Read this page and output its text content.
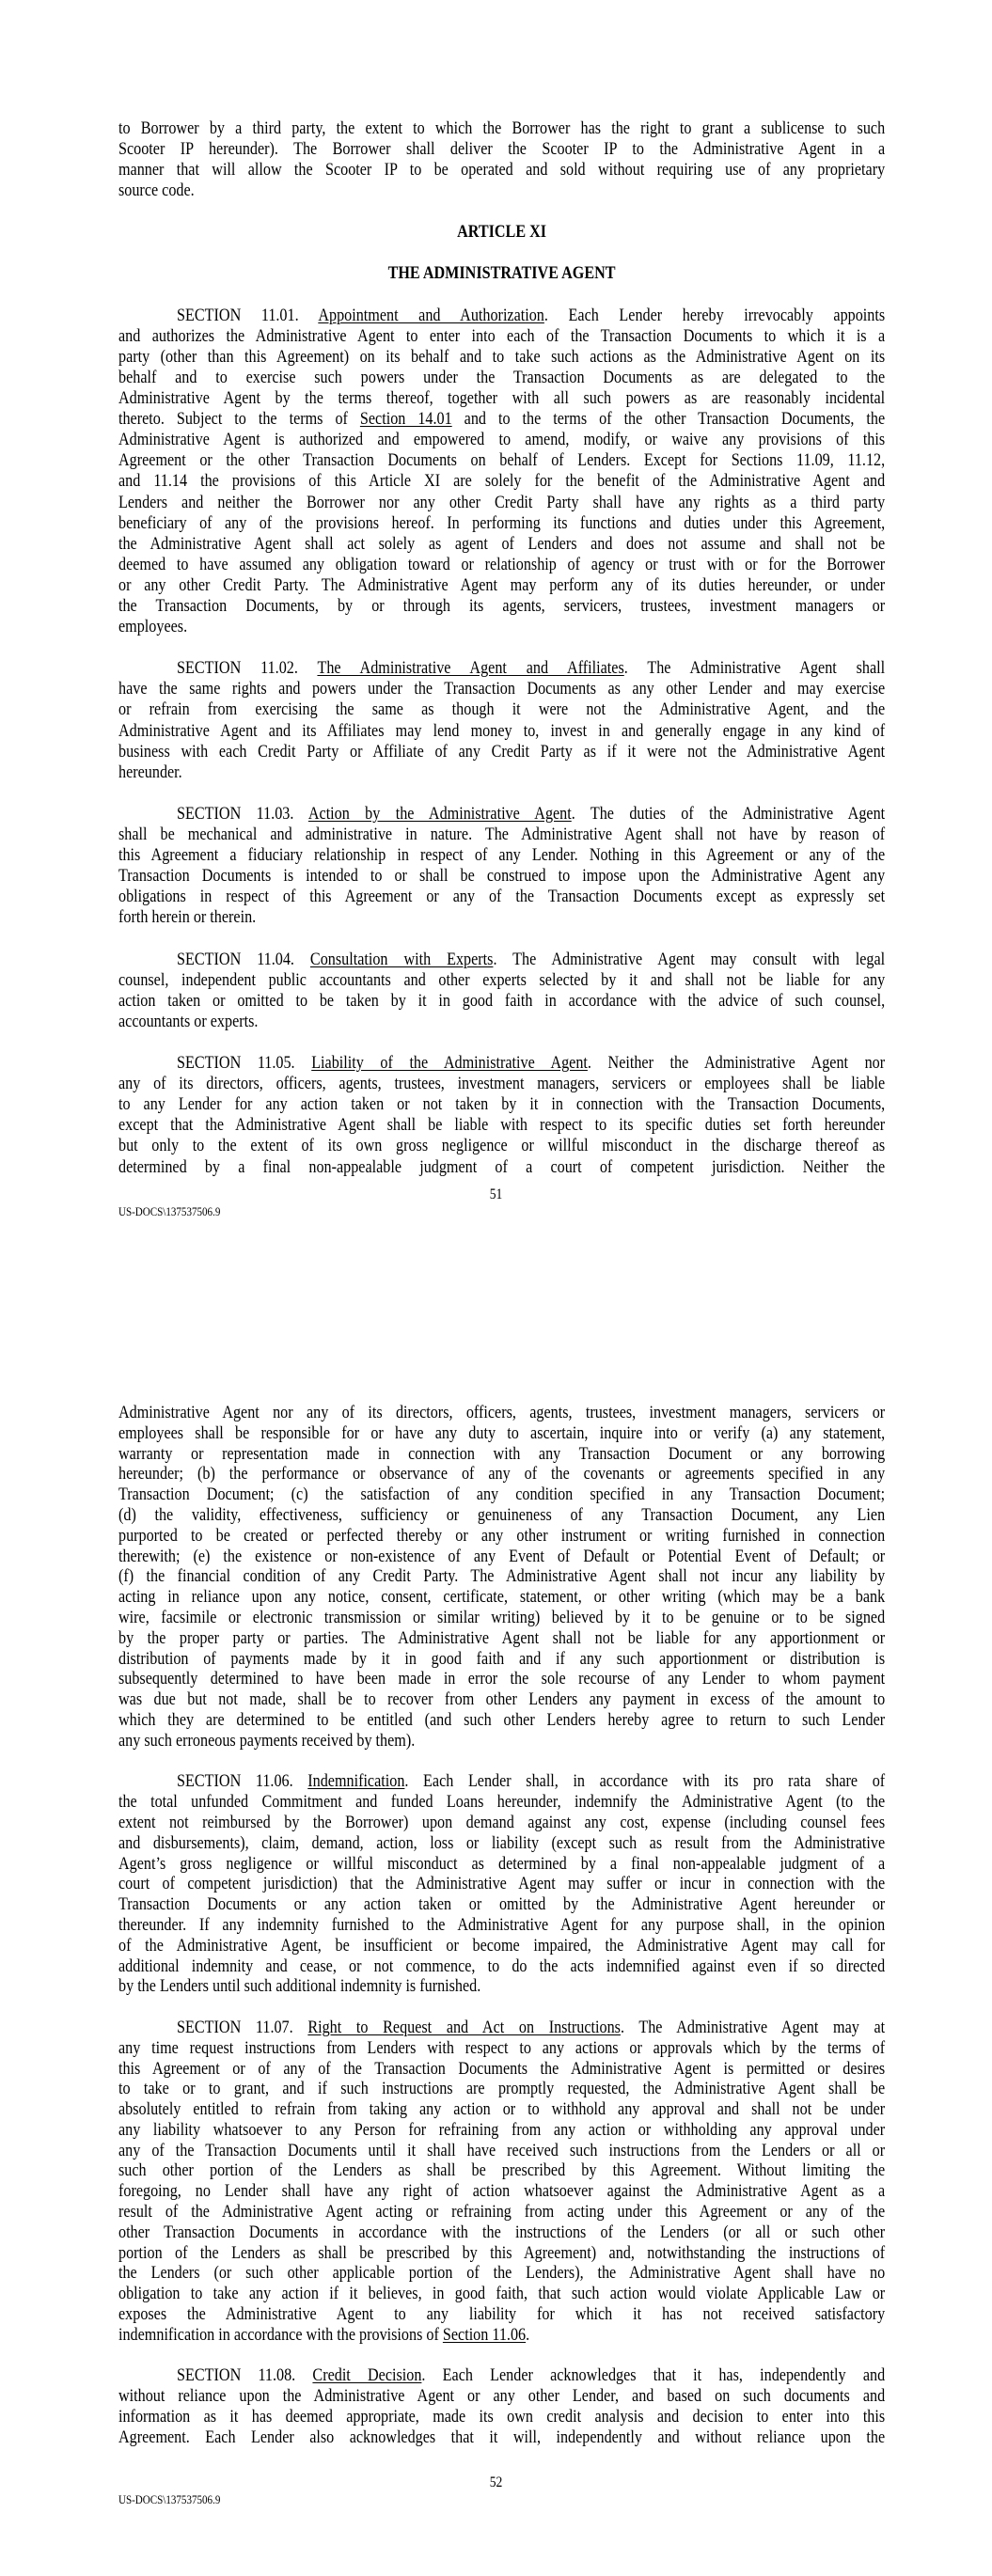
to Borrower by a third party, the extent to which the Borrower has the right to grant a sublicense to such
Scooter IP hereunder). The Borrower shall deliver the Scooter IP to the Administrative Agent in a
manner that will allow the Scooter IP to be operated and sold without requiring use of any proprietary
source code.
ARTICLE XI
THE ADMINISTRATIVE AGENT
SECTION 11.01. Appointment and Authorization. Each Lender hereby irrevocably appoints
and authorizes the Administrative Agent to enter into each of the Transaction Documents to which it is a
party (other than this Agreement) on its behalf and to take such actions as the Administrative Agent on its
behalf and to exercise such powers under the Transaction Documents as are delegated to the
Administrative Agent by the terms thereof, together with all such powers as are reasonably incidental
thereto. Subject to the terms of Section 14.01 and to the terms of the other Transaction Documents, the
Administrative Agent is authorized and empowered to amend, modify, or waive any provisions of this
Agreement or the other Transaction Documents on behalf of Lenders. Except for Sections 11.09, 11.12,
and 11.14 the provisions of this Article XI are solely for the benefit of the Administrative Agent and
Lenders and neither the Borrower nor any other Credit Party shall have any rights as a third party
beneficiary of any of the provisions hereof. In performing its functions and duties under this Agreement,
the Administrative Agent shall act solely as agent of Lenders and does not assume and shall not be
deemed to have assumed any obligation toward or relationship of agency or trust with or for the Borrower
or any other Credit Party. The Administrative Agent may perform any of its duties hereunder, or under
the Transaction Documents, by or through its agents, servicers, trustees, investment managers or
employees.
SECTION 11.02. The Administrative Agent and Affiliates. The Administrative Agent shall
have the same rights and powers under the Transaction Documents as any other Lender and may exercise
or refrain from exercising the same as though it were not the Administrative Agent, and the
Administrative Agent and its Affiliates may lend money to, invest in and generally engage in any kind of
business with each Credit Party or Affiliate of any Credit Party as if it were not the Administrative Agent
hereunder.
SECTION 11.03. Action by the Administrative Agent. The duties of the Administrative Agent
shall be mechanical and administrative in nature. The Administrative Agent shall not have by reason of
this Agreement a fiduciary relationship in respect of any Lender. Nothing in this Agreement or any of the
Transaction Documents is intended to or shall be construed to impose upon the Administrative Agent any
obligations in respect of this Agreement or any of the Transaction Documents except as expressly set
forth herein or therein.
SECTION 11.04. Consultation with Experts. The Administrative Agent may consult with legal
counsel, independent public accountants and other experts selected by it and shall not be liable for any
action taken or omitted to be taken by it in good faith in accordance with the advice of such counsel,
accountants or experts.
SECTION 11.05. Liability of the Administrative Agent. Neither the Administrative Agent nor
any of its directors, officers, agents, trustees, investment managers, servicers or employees shall be liable
to any Lender for any action taken or not taken by it in connection with the Transaction Documents,
except that the Administrative Agent shall be liable with respect to its specific duties set forth hereunder
but only to the extent of its own gross negligence or willful misconduct in the discharge thereof as
determined by a final non-appealable judgment of a court of competent jurisdiction. Neither the
51
US-DOCS\137537506.9
Administrative Agent nor any of its directors, officers, agents, trustees, investment managers, servicers or
employees shall be responsible for or have any duty to ascertain, inquire into or verify (a) any statement,
warranty or representation made in connection with any Transaction Document or any borrowing
hereunder; (b) the performance or observance of any of the covenants or agreements specified in any
Transaction Document; (c) the satisfaction of any condition specified in any Transaction Document;
(d) the validity, effectiveness, sufficiency or genuineness of any Transaction Document, any Lien
purported to be created or perfected thereby or any other instrument or writing furnished in connection
therewith; (e) the existence or non-existence of any Event of Default or Potential Event of Default; or
(f) the financial condition of any Credit Party. The Administrative Agent shall not incur any liability by
acting in reliance upon any notice, consent, certificate, statement, or other writing (which may be a bank
wire, facsimile or electronic transmission or similar writing) believed by it to be genuine or to be signed
by the proper party or parties. The Administrative Agent shall not be liable for any apportionment or
distribution of payments made by it in good faith and if any such apportionment or distribution is
subsequently determined to have been made in error the sole recourse of any Lender to whom payment
was due but not made, shall be to recover from other Lenders any payment in excess of the amount to
which they are determined to be entitled (and such other Lenders hereby agree to return to such Lender
any such erroneous payments received by them).
SECTION 11.06. Indemnification. Each Lender shall, in accordance with its pro rata share of
the total unfunded Commitment and funded Loans hereunder, indemnify the Administrative Agent (to the
extent not reimbursed by the Borrower) upon demand against any cost, expense (including counsel fees
and disbursements), claim, demand, action, loss or liability (except such as result from the Administrative
Agent’s gross negligence or willful misconduct as determined by a final non-appealable judgment of a
court of competent jurisdiction) that the Administrative Agent may suffer or incur in connection with the
Transaction Documents or any action taken or omitted by the Administrative Agent hereunder or
thereunder. If any indemnity furnished to the Administrative Agent for any purpose shall, in the opinion
of the Administrative Agent, be insufficient or become impaired, the Administrative Agent may call for
additional indemnity and cease, or not commence, to do the acts indemnified against even if so directed
by the Lenders until such additional indemnity is furnished.
SECTION 11.07. Right to Request and Act on Instructions. The Administrative Agent may at
any time request instructions from Lenders with respect to any actions or approvals which by the terms of
this Agreement or of any of the Transaction Documents the Administrative Agent is permitted or desires
to take or to grant, and if such instructions are promptly requested, the Administrative Agent shall be
absolutely entitled to refrain from taking any action or to withhold any approval and shall not be under
any liability whatsoever to any Person for refraining from any action or withholding any approval under
any of the Transaction Documents until it shall have received such instructions from the Lenders or all or
such other portion of the Lenders as shall be prescribed by this Agreement. Without limiting the
foregoing, no Lender shall have any right of action whatsoever against the Administrative Agent as a
result of the Administrative Agent acting or refraining from acting under this Agreement or any of the
other Transaction Documents in accordance with the instructions of the Lenders (or all or such other
portion of the Lenders as shall be prescribed by this Agreement) and, notwithstanding the instructions of
the Lenders (or such other applicable portion of the Lenders), the Administrative Agent shall have no
obligation to take any action if it believes, in good faith, that such action would violate Applicable Law or
exposes the Administrative Agent to any liability for which it has not received satisfactory
indemnification in accordance with the provisions of Section 11.06.
SECTION 11.08. Credit Decision. Each Lender acknowledges that it has, independently and
without reliance upon the Administrative Agent or any other Lender, and based on such documents and
information as it has deemed appropriate, made its own credit analysis and decision to enter into this
Agreement. Each Lender also acknowledges that it will, independently and without reliance upon the
52
US-DOCS\137537506.9
